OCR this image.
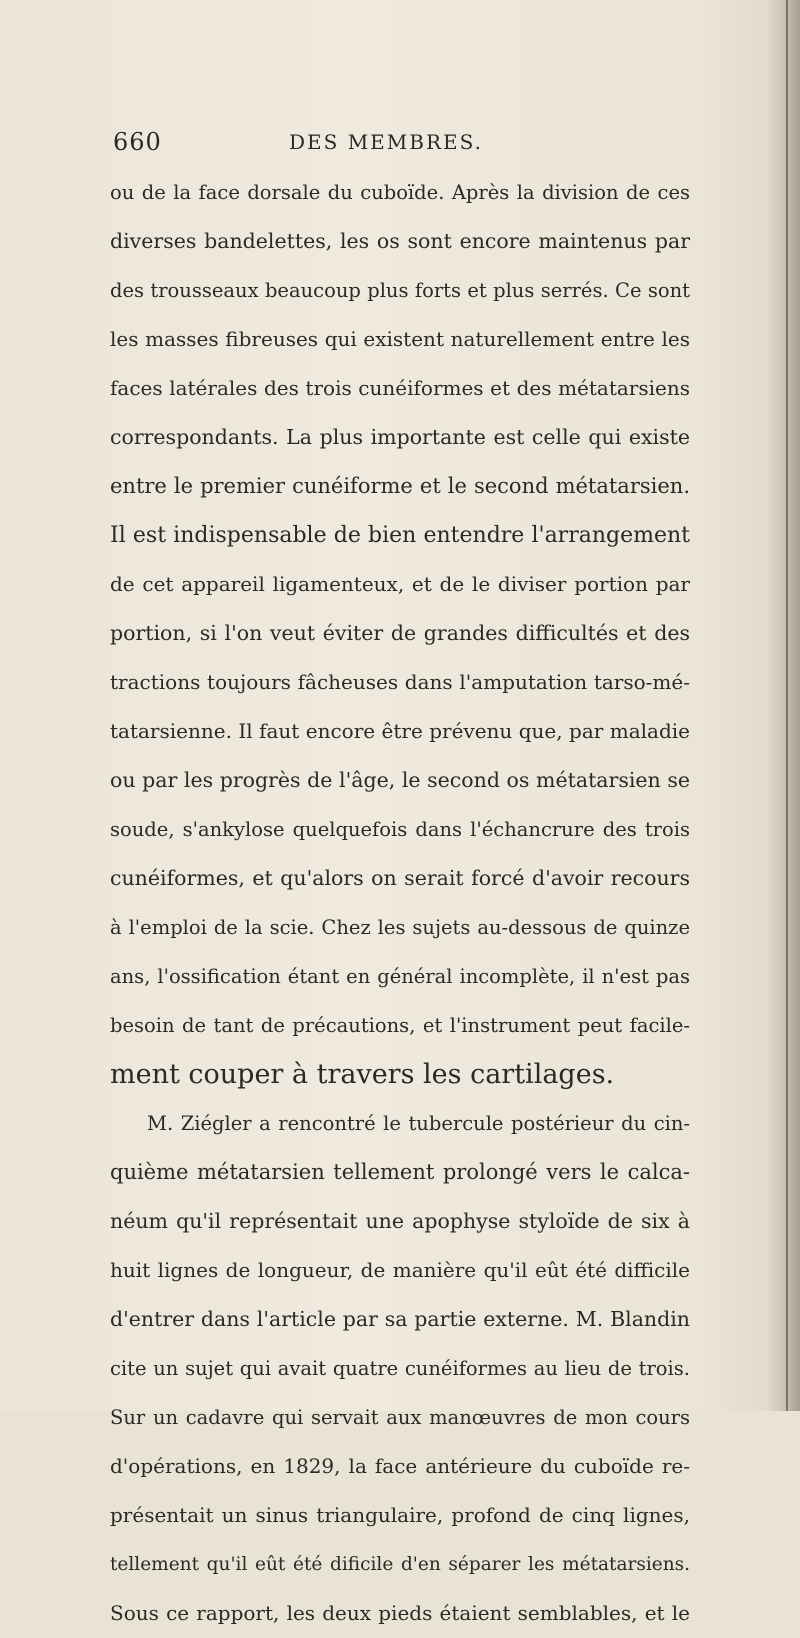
660	DES MEMBRES.
ou de la face dorsale du cuboïde. Après la division de ces
diverses bandelettes, les os sont encore maintenus par
des trousseaux beaucoup plus forts et plus serrés. Ce sont
les masses fibreuses qui existent naturellement entre les
faces latérales des trois cunéiformes et des métatarsiens
correspondants. La plus importante est celle qui existe
entre le premier cunéiforme et le second métatarsien.
Il est indispensable de bien entendre l'arrangement
de cet appareil ligamenteux, et de le diviser portion par
portion, si l'on veut éviter de grandes difficultés et des
tractions toujours fâcheuses dans l'amputation tarso-mé-
tatarsienne. Il faut encore être prévenu que, par maladie
ou par les progrès de l'âge, le second os métatarsien se
soude, s'ankylose quelquefois dans l'échancrure des trois
cunéiformes, et qu'alors on serait forcé d'avoir recours
à l'emploi de la scie. Chez les sujets au-dessous de quinze
ans, l'ossification étant en général incomplète, il n'est pas
besoin de tant de précautions, et l'instrument peut facile-
ment couper à travers les cartilages.
M. Ziégler a rencontré le tubercule postérieur du cin-
quième métatarsien tellement prolongé vers le calca-
néum qu'il représentait une apophyse styloïde de six à
huit lignes de longueur, de manière qu'il eût été difficile
d'entrer dans l'article par sa partie externe. M. Blandin
cite un sujet qui avait quatre cunéiformes au lieu de trois.
Sur un cadavre qui servait aux manœuvres de mon cours
d'opérations, en 1829, la face antérieure du cuboïde re-
présentait un sinus triangulaire, profond de cinq lignes,
tellement qu'il eût été dificile d'en séparer les métatarsiens.
Sous ce rapport, les deux pieds étaient semblables, et le
